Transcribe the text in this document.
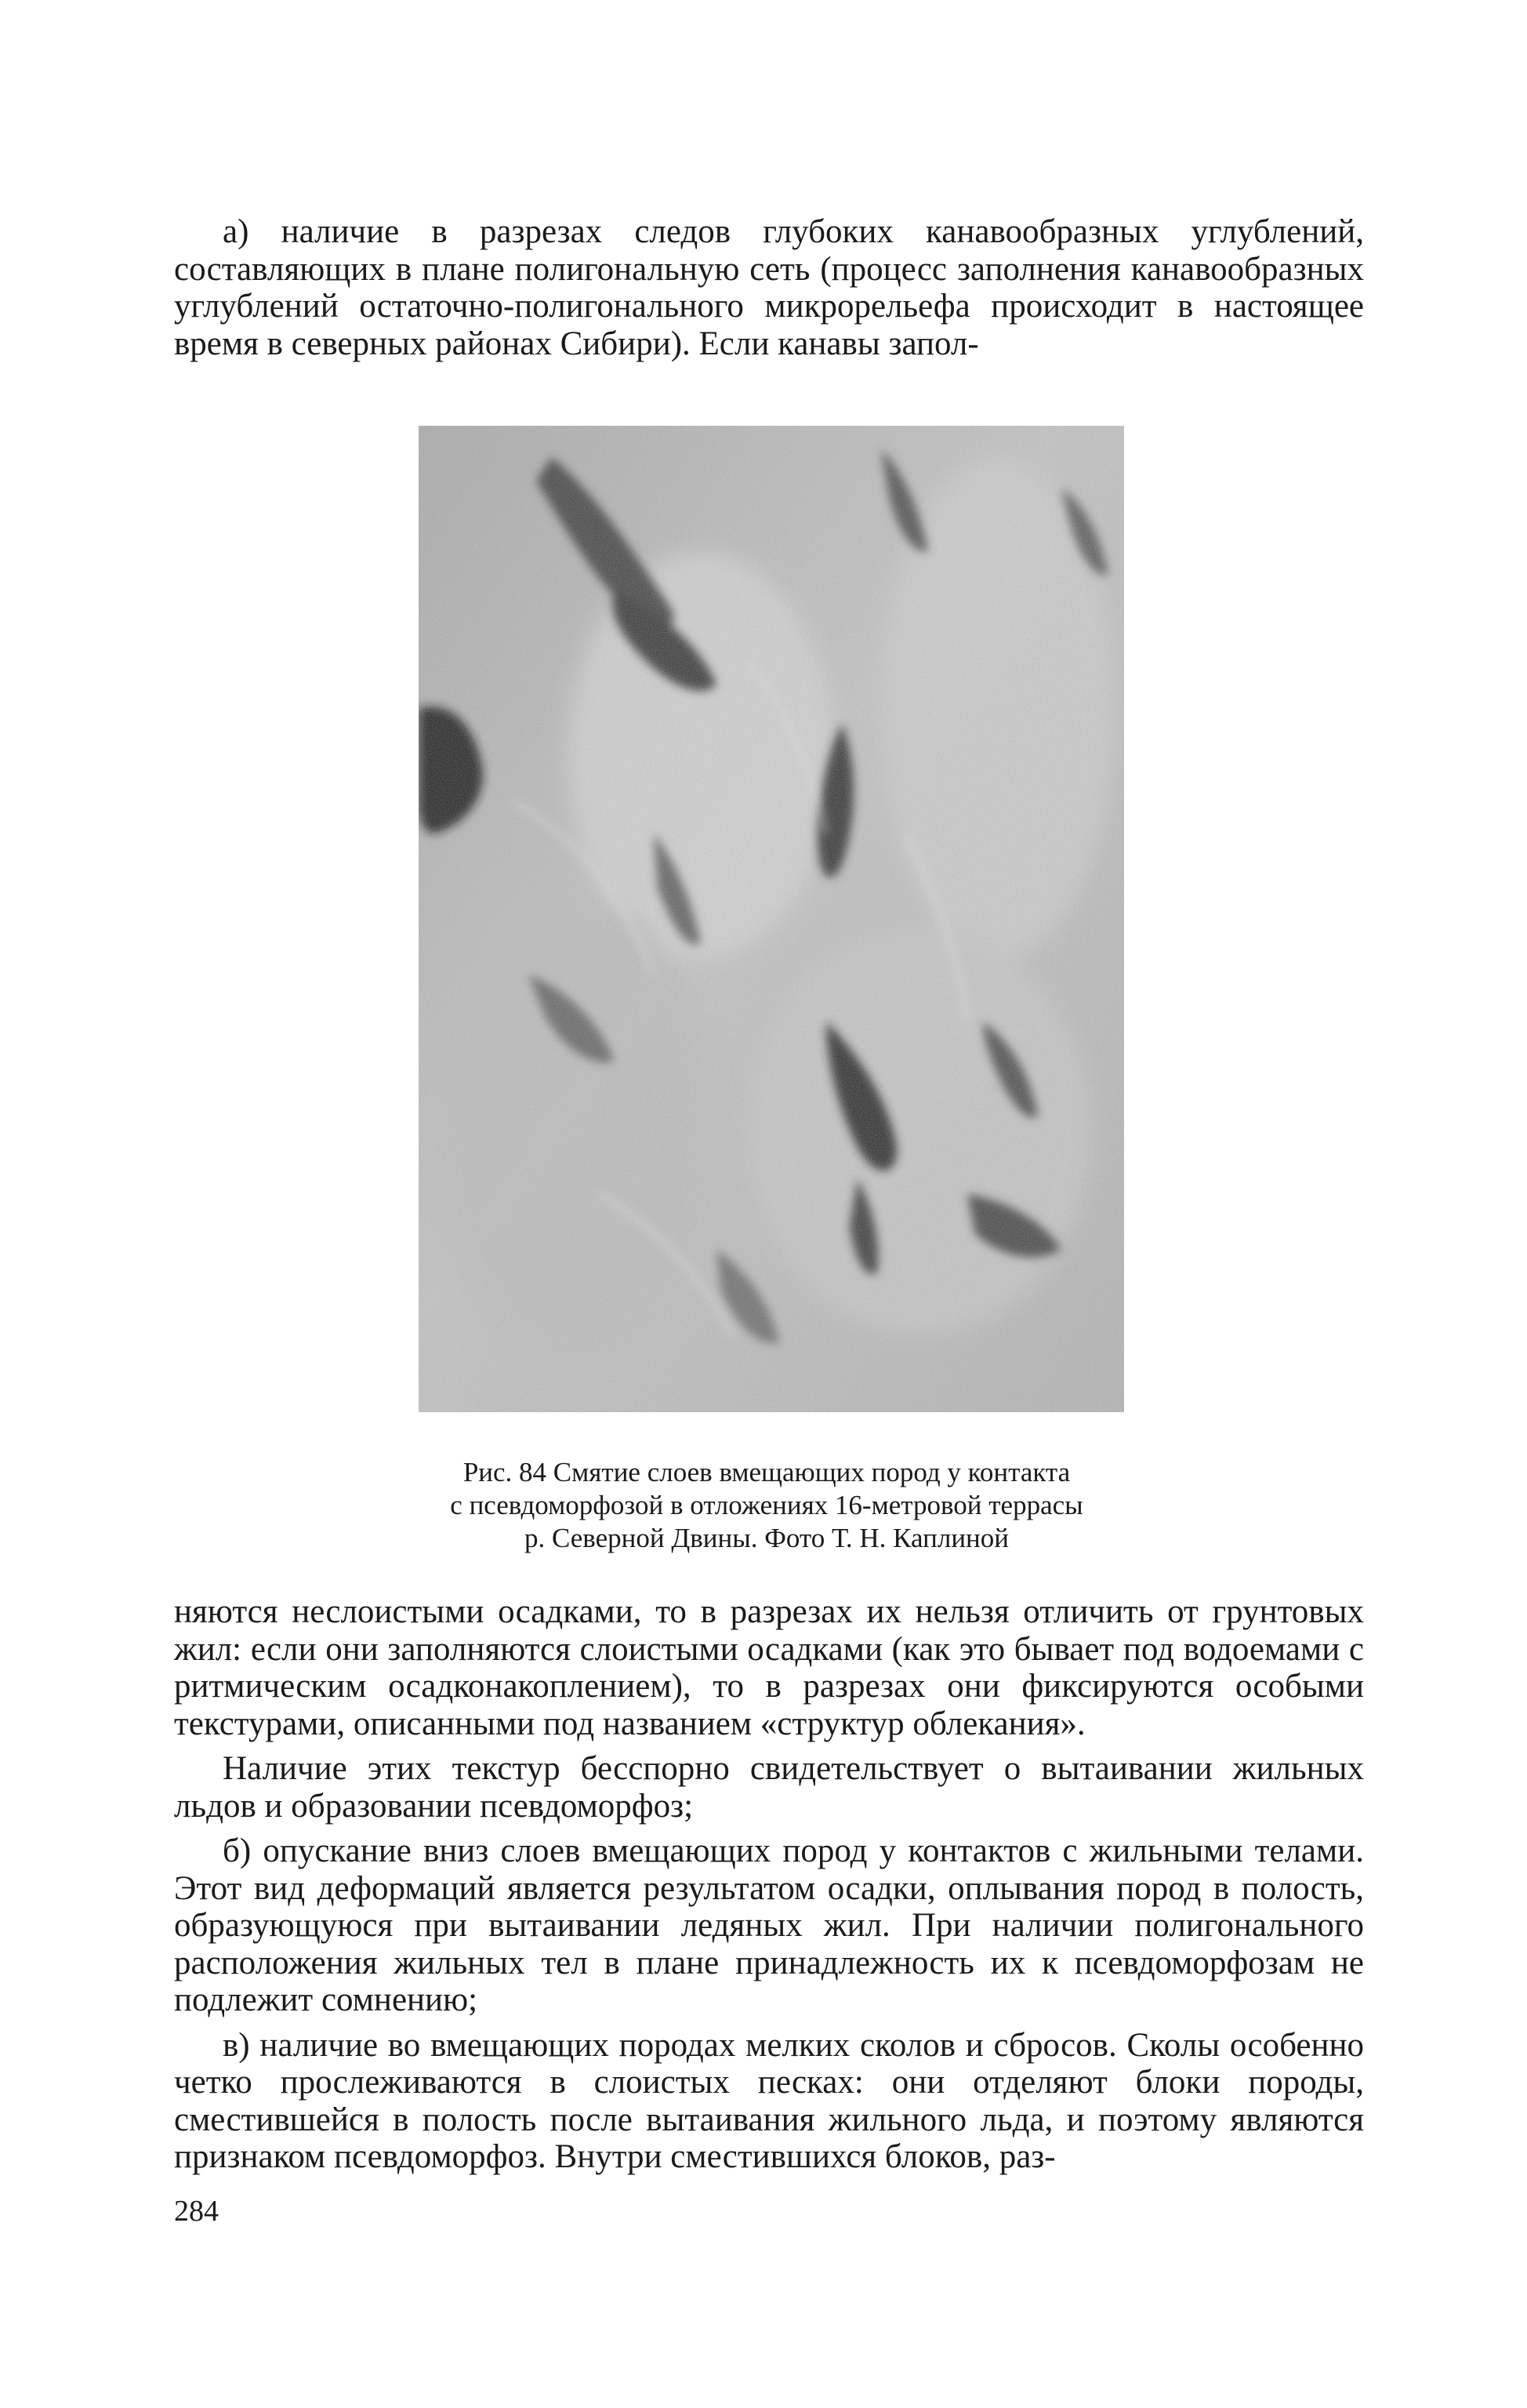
а) наличие в разрезах следов глубоких канавообразных углублений, составляющих в плане полигональную сеть (процесс заполнения канавообразных углублений остаточно-полигонального микрорельефа происходит в настоящее время в северных районах Сибири). Если канавы запол-

Рис. 84 Смятие слоев вмещающих пород у контакта
с псевдоморфозой в отложениях 16-метровой террасы
р. Северной Двины. Фото Т. Н. Каплиной

няются неслоистыми осадками, то в разрезах их нельзя отличить от грунтовых жил: если они заполняются слоистыми осадками (как это бывает под водоемами с ритмическим осадконакоплением), то в разрезах они фиксируются особыми текстурами, описанными под названием «структур облекания».

Наличие этих текстур бесспорно свидетельствует о вытаивании жильных льдов и образовании псевдоморфоз;

б) опускание вниз слоев вмещающих пород у контактов с жильными телами. Этот вид деформаций является результатом осадки, оплывания пород в полость, образующуюся при вытаивании ледяных жил. При наличии полигонального расположения жильных тел в плане принадлежность их к псевдоморфозам не подлежит сомнению;

в) наличие во вмещающих породах мелких сколов и сбросов. Сколы особенно четко прослеживаются в слоистых песках: они отделяют блоки породы, сместившейся в полость после вытаивания жильного льда, и поэтому являются признаком псевдоморфоз. Внутри сместившихся блоков, раз-

284
